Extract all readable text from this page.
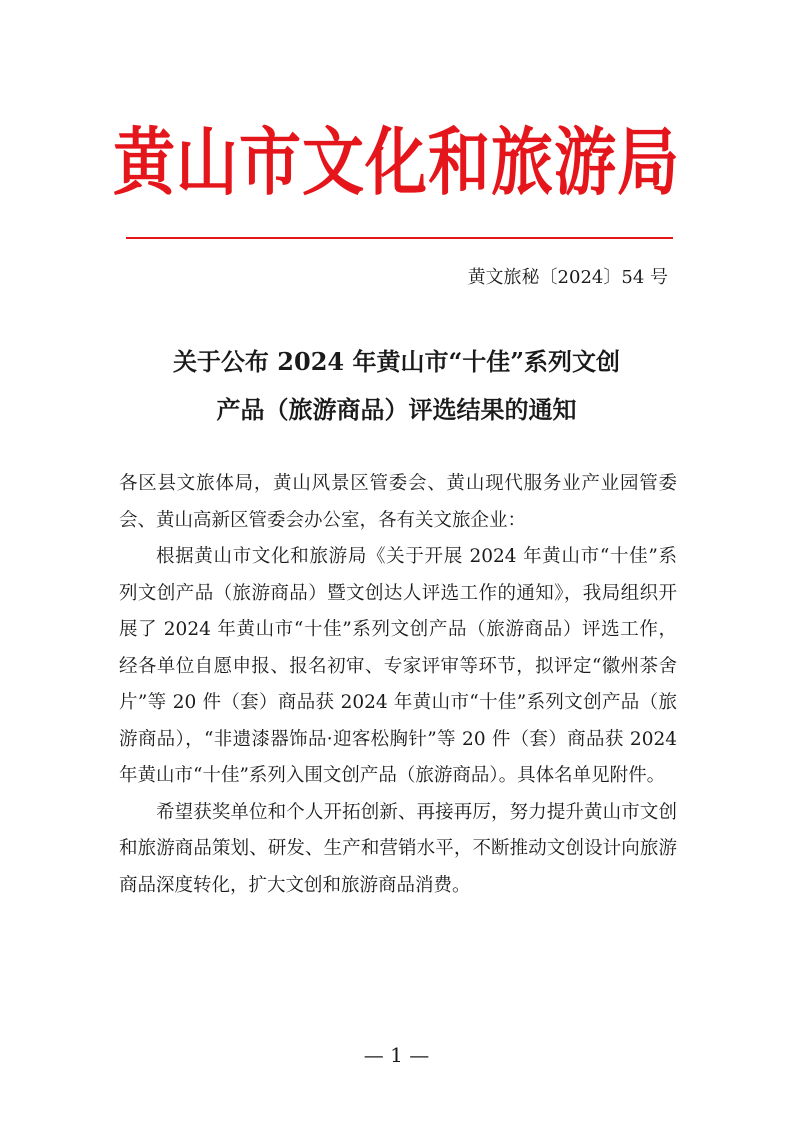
黄山市文化和旅游局
黄文旅秘〔2024〕54 号
关于公布 2024 年黄山市“十佳”系列文创
产品（旅游商品）评选结果的通知

各区县文旅体局，黄山风景区管委会、黄山现代服务业产业园管委会、黄山高新区管委会办公室，各有关文旅企业：

根据黄山市文化和旅游局《关于开展 2024 年黄山市“十佳”系列文创产品（旅游商品）暨文创达人评选工作的通知》，我局组织开展了 2024 年黄山市“十佳”系列文创产品（旅游商品）评选工作，经各单位自愿申报、报名初审、专家评审等环节，拟评定“徽州茶舍片”等 20 件（套）商品获 2024 年黄山市“十佳”系列文创产品（旅游商品），“非遗漆器饰品·迎客松胸针”等 20 件（套）商品获 2024 年黄山市“十佳”系列入围文创产品（旅游商品）。具体名单见附件。

希望获奖单位和个人开拓创新、再接再厉，努力提升黄山市文创和旅游商品策划、研发、生产和营销水平，不断推动文创设计向旅游商品深度转化，扩大文创和旅游商品消费。

— 1 —
